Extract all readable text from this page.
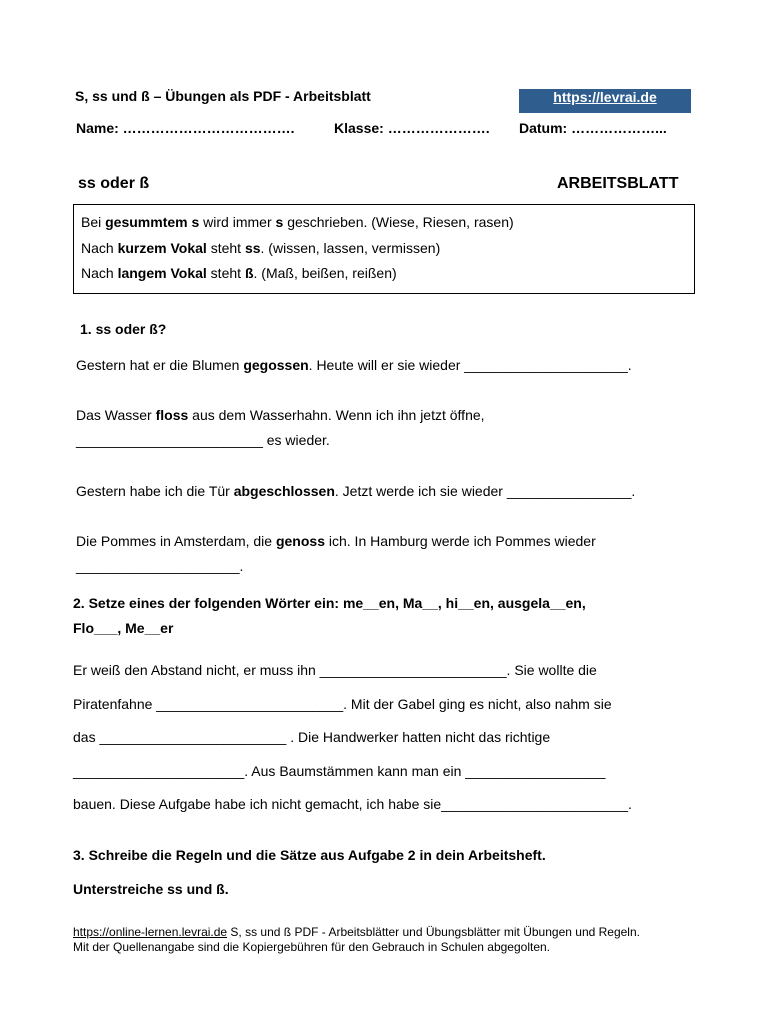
S, ss und ß – Übungen als PDF - Arbeitsblatt	https://levrai.de
Name: ……………………………….	Klasse: …………………. Datum: ………………...
ss oder ß	ARBEITSBLATT
Bei gesummtem s wird immer s geschrieben. (Wiese, Riesen, rasen)
Nach kurzem Vokal steht ss. (wissen, lassen, vermissen)
Nach langem Vokal steht ß. (Maß, beißen, reißen)
1. ss oder ß?
Gestern hat er die Blumen gegossen. Heute will er sie wieder _____________________.
Das Wasser floss aus dem Wasserhahn. Wenn ich ihn jetzt öffne,
________________________ es wieder.
Gestern habe ich die Tür abgeschlossen. Jetzt werde ich sie wieder ________________.
Die Pommes in Amsterdam, die genoss ich. In Hamburg werde ich Pommes wieder
_____________________.
2. Setze eines der folgenden Wörter ein: me__en, Ma__, hi__en, ausgela__en,
Flo___, Me__er
Er weiß den Abstand nicht, er muss ihn ________________________. Sie wollte die
Piratenfahne ________________________. Mit der Gabel ging es nicht, also nahm sie
das ________________________ . Die Handwerker hatten nicht das richtige
______________________. Aus Baumstämmen kann man ein __________________
bauen. Diese Aufgabe habe ich nicht gemacht, ich habe sie________________________.
3. Schreibe die Regeln und die Sätze aus Aufgabe 2 in dein Arbeitsheft.
Unterstreiche ss und ß.
https://online-lernen.levrai.de S, ss und ß PDF - Arbeitsblätter und Übungsblätter mit Übungen und Regeln.
Mit der Quellenangabe sind die Kopiergebühren für den Gebrauch in Schulen abgegolten.
